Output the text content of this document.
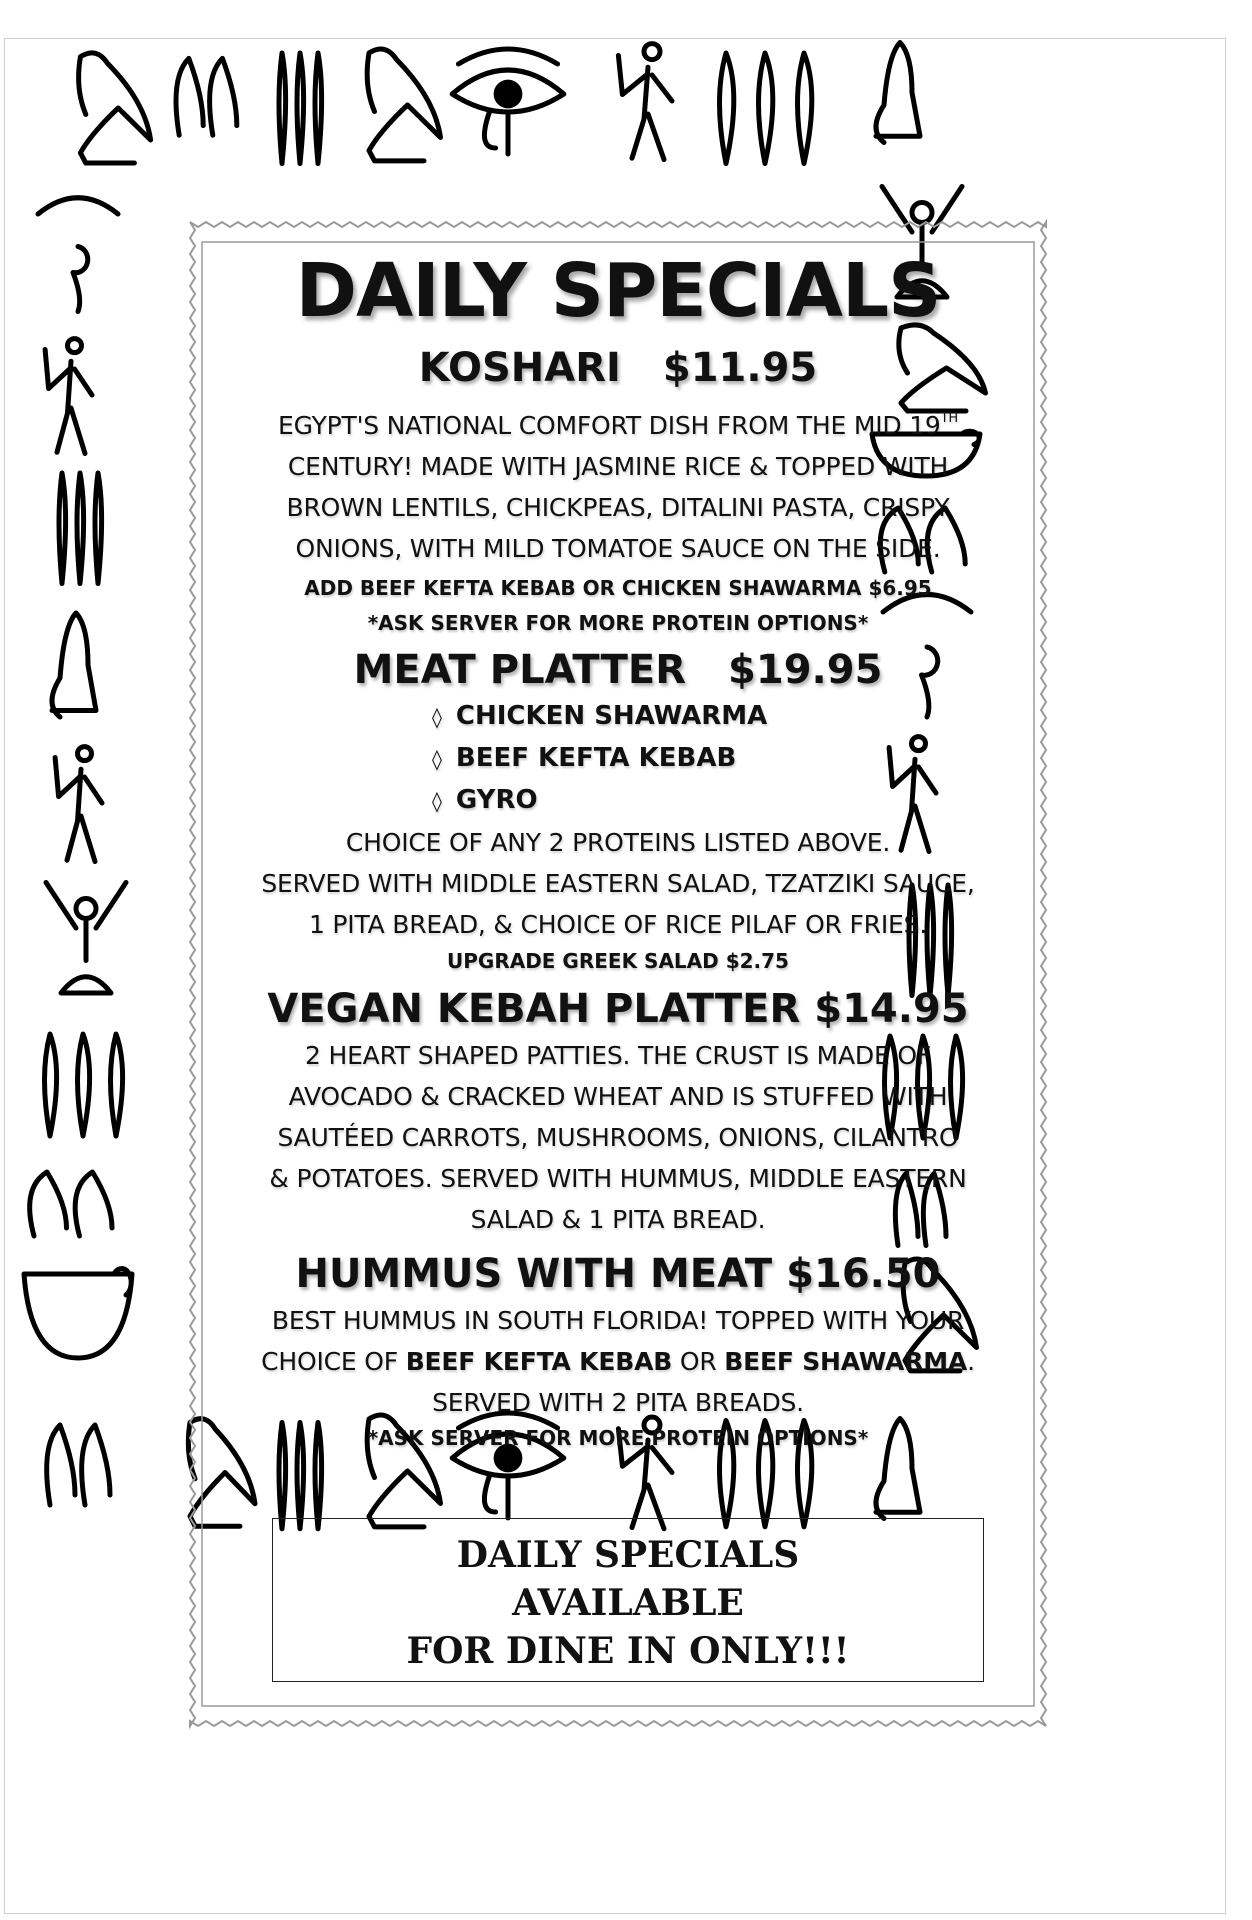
DAILY SPECIALS

KOSHARI $11.95

EGYPT'S NATIONAL COMFORT DISH FROM THE MID 19TH
CENTURY! MADE WITH JASMINE RICE & TOPPED WITH
BROWN LENTILS, CHICKPEAS, DITALINI PASTA, CRISPY
ONIONS, WITH MILD TOMATOE SAUCE ON THE SIDE.

ADD BEEF KEFTA KEBAB OR CHICKEN SHAWARMA $6.95

*ASK SERVER FOR MORE PROTEIN OPTIONS*

MEAT PLATTER $19.95

◊ CHICKEN SHAWARMA
◊ BEEF KEFTA KEBAB
◊ GYRO

CHOICE OF ANY 2 PROTEINS LISTED ABOVE.
SERVED WITH MIDDLE EASTERN SALAD, TZATZIKI SAUCE,
1 PITA BREAD, & CHOICE OF RICE PILAF OR FRIES.

UPGRADE GREEK SALAD $2.75

VEGAN KEBAH PLATTER $14.95

2 HEART SHAPED PATTIES. THE CRUST IS MADE OF
AVOCADO & CRACKED WHEAT AND IS STUFFED WITH
SAUTÉED CARROTS, MUSHROOMS, ONIONS, CILANTRO
& POTATOES. SERVED WITH HUMMUS, MIDDLE EASTERN
SALAD & 1 PITA BREAD.

HUMMUS WITH MEAT $16.50

BEST HUMMUS IN SOUTH FLORIDA! TOPPED WITH YOUR
CHOICE OF BEEF KEFTA KEBAB OR BEEF SHAWARMA.
SERVED WITH 2 PITA BREADS.

*ASK SERVER FOR MORE PROTEIN OPTIONS*

DAILY SPECIALS
AVAILABLE
FOR DINE IN ONLY!!!
